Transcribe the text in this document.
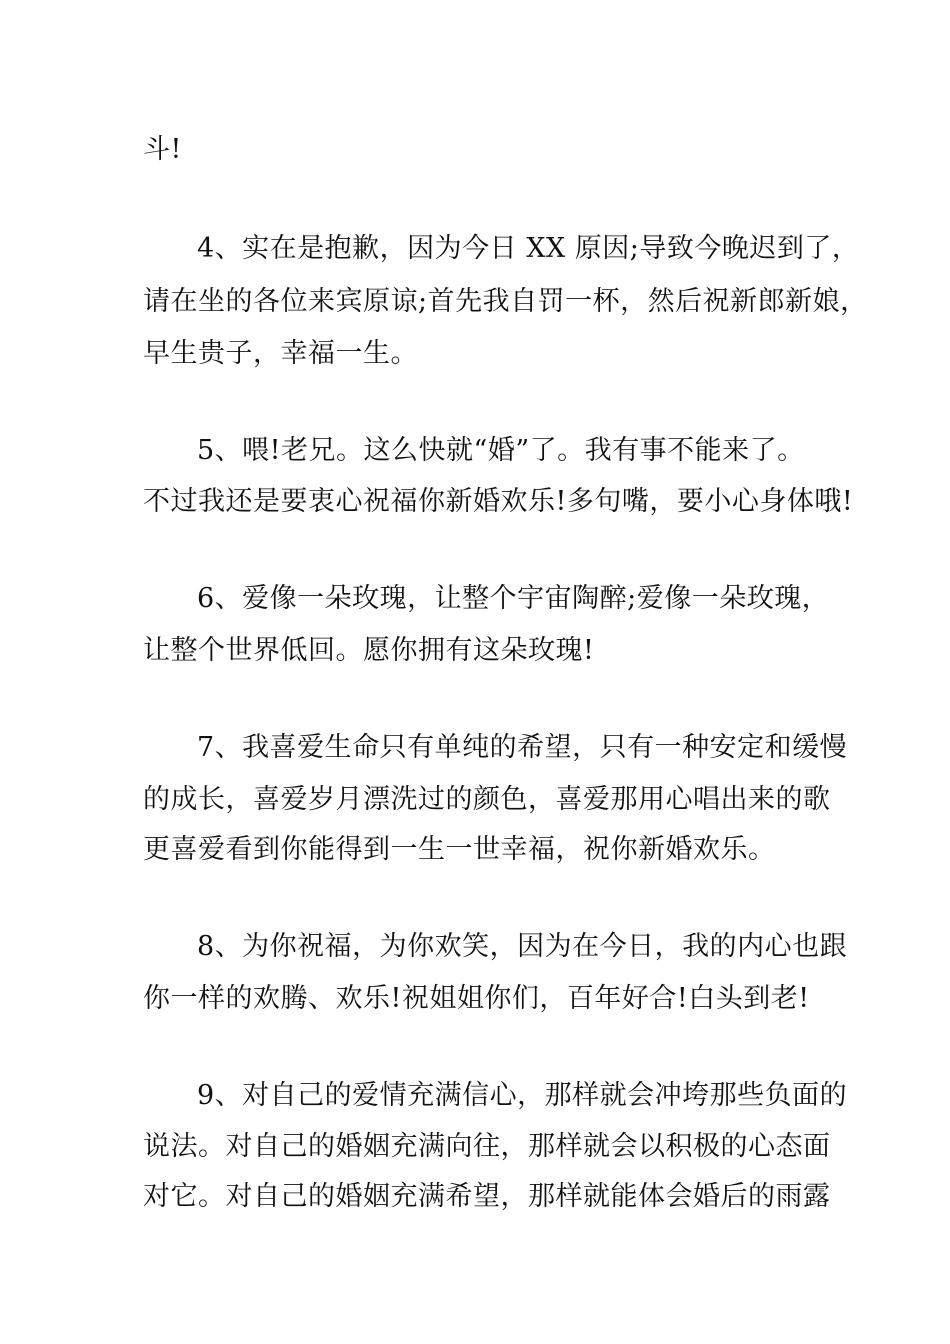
斗!
4、实在是抱歉，因为今日 XX 原因;导致今晚迟到了，
请在坐的各位来宾原谅;首先我自罚一杯，然后祝新郎新娘，
早生贵子，幸福一生。
5、喂!老兄。这么快就“婚”了。我有事不能来了。
不过我还是要衷心祝福你新婚欢乐!多句嘴，要小心身体哦!
6、爱像一朵玫瑰，让整个宇宙陶醉;爱像一朵玫瑰，
让整个世界低回。愿你拥有这朵玫瑰!
7、我喜爱生命只有单纯的希望，只有一种安定和缓慢
的成长，喜爱岁月漂洗过的颜色，喜爱那用心唱出来的歌
更喜爱看到你能得到一生一世幸福，祝你新婚欢乐。
8、为你祝福，为你欢笑，因为在今日，我的内心也跟
你一样的欢腾、欢乐!祝姐姐你们，百年好合!白头到老!
9、对自己的爱情充满信心，那样就会冲垮那些负面的
说法。对自己的婚姻充满向往，那样就会以积极的心态面
对它。对自己的婚姻充满希望，那样就能体会婚后的雨露
